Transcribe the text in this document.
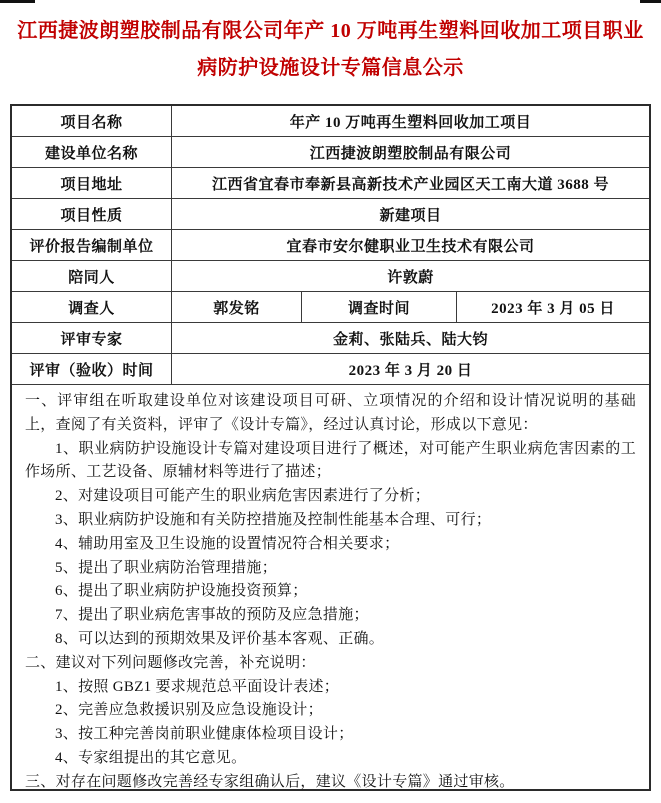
江西捷波朗塑胶制品有限公司年产 10 万吨再生塑料回收加工项目职业病防护设施设计专篇信息公示
项目名称	年产 10 万吨再生塑料回收加工项目
建设单位名称	江西捷波朗塑胶制品有限公司
项目地址	江西省宜春市奉新县高新技术产业园区天工南大道 3688 号
项目性质	新建项目
评价报告编制单位	宜春市安尔健职业卫生技术有限公司
陪同人	许敦蔚
调查人	郭发铭	调查时间	2023 年 3 月 05 日
评审专家	金莉、张陆兵、陆大钧
评审（验收）时间	2023 年 3 月 20 日

一、评审组在听取建设单位对该建设项目可研、立项情况的介绍和设计情况说明的基础上，查阅了有关资料，评审了《设计专篇》，经过认真讨论，形成以下意见：

1、职业病防护设施设计专篇对建设项目进行了概述，对可能产生职业病危害因素的工作场所、工艺设备、原辅材料等进行了描述；

2、对建设项目可能产生的职业病危害因素进行了分析；

3、职业病防护设施和有关防控措施及控制性能基本合理、可行；

4、辅助用室及卫生设施的设置情况符合相关要求；

5、提出了职业病防治管理措施；

6、提出了职业病防护设施投资预算；

7、提出了职业病危害事故的预防及应急措施；

8、可以达到的预期效果及评价基本客观、正确。

二、建议对下列问题修改完善，补充说明：

1、按照 GBZ1 要求规范总平面设计表述；

2、完善应急救援识别及应急设施设计；

3、按工种完善岗前职业健康体检项目设计；

4、专家组提出的其它意见。

三、对存在问题修改完善经专家组确认后，建议《设计专篇》通过审核。
